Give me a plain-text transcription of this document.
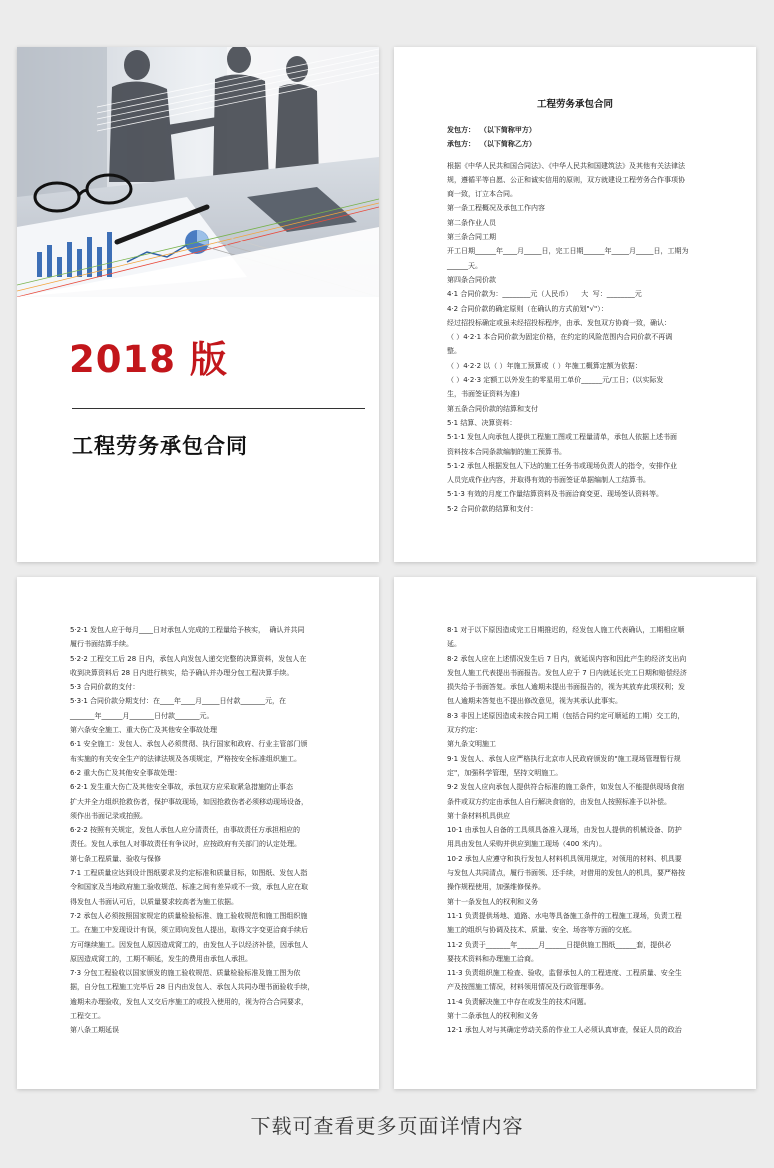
2018 版
工程劳务承包合同
工程劳务承包合同

发包方：  （以下简称甲方）

承包方：  （以下简称乙方）

根据《中华人民共和国合同法》、《中华人民共和国建筑法》及其他有关法律法

规，遵循平等自愿、公正和诚实信用的原则，双方就建设工程劳务合作事项协

商一致，订立本合同。

第一条工程概况及承包工作内容

第二条作业人员

第三条合同工期

开工日期______年____月_____日，完工日期______年_____月_____日，工期为

______天。

第四条合同价款

4·1 合同价款为：________元（人民币）    大  写：________元

4·2 合同价款的确定原则（在确认的方式前划"√"）：

经过招投标确定或虽未经招投标程序，由承、发包双方协商一致，确认：

（ ）4·2·1 本合同价款为固定价格，在约定的风险范围内合同价款不再调

整。

（ ）4·2·2 以（ ）年施工预算或（ ）年施工概算定额为依据：

（ ）4·2·3 定额工以外发生的零星用工单价______元/工日；(以实际发

生，书面签证资料为准)

第五条合同价款的结算和支付

5·1 结算、决算资料：

5·1·1 发包人向承包人提供工程施工图或工程量清单，承包人依据上述书面

资料按本合同条款编制的施工预算书。

5·1·2 承包人根据发包人下达的施工任务书或现场负责人的指令，安排作业

人员完成作业内容，并取得有效的书面签证单据编制人工结算书。

5·1·3 有效的月度工作量结算资料及书面洽商变更、现场签认资料等。

5·2 合同价款的结算和支付：

5·2·1 发包人应于每月____日对承包人完成的工程量给予核实，  确认并共同

履行书面结算手续。

5·2·2 工程交工后 28 日内，承包人向发包人递交完整的决算资料，发包人在

收到决算资料后 28 日内进行核实，给予确认并办理分包工程决算手续。

5·3 合同价款的支付：

5·3·1 合同价款分期支付：在____年____月_____日付款_______元，在

_______年______月_______日付款_______元。

第六条安全施工、重大伤亡及其他安全事故处理

6·1 安全施工：发包人、承包人必须贯彻、执行国家和政府、行业主管部门颁

布实施的有关安全生产的法律法规及各项规定，严格按安全标准组织施工。

6·2 重大伤亡及其他安全事故处理：

6·2·1 发生重大伤亡及其他安全事故，承包双方应采取紧急措施防止事态

扩大并全力组织抢救伤者，保护事故现场，如因抢救伤者必须移动现场设备，

须作出书面记录或拍照。

6·2·2 按照有关规定，发包人承包人应分清责任，由事故责任方承担相应的

责任。发包人承包人对事故责任有争议时，应按政府有关部门的认定处理。

第七条工程质量、验收与保修

7·1 工程质量应达到设计图纸要求及约定标准和质量目标，如图纸、发包人指

令和国家及当地政府施工验收规范、标准之间有差异或不一致，承包人应在取

得发包人书面认可后，以质量要求较高者为施工依据。

7·2 承包人必须按照国家规定的质量检验标准、施工验收规范和施工图组织施

工。在施工中发现设计有误，须立即向发包人提出，取得文字变更洽商手续后

方可继续施工。因发包人原因造成窝工的，由发包人予以经济补偿，因承包人

原因造成窝工的，工期不顺延，发生的费用由承包人承担。

7·3 分包工程验收以国家颁发的施工验收规范、质量检验标准及施工图为依

据，自分包工程施工完毕后 28 日内由发包人、承包人共同办理书面验收手续，

逾期未办理验收，发包人又交后序施工的或投入使用的，视为符合合同要求，

工程交工。

第八条工期延误

8·1 对于以下原因造成完工日期推迟的，经发包人施工代表确认，工期相应顺

延。

8·2 承包人应在上述情况发生后 7 日内，就延误内容和因此产生的经济支出向

发包人施工代表提出书面报告。发包人应于 7 日内就延长完工日期和赔偿经济

损失给予书面答复。承包人逾期未提出书面报告的，视为其放弃此项权利；发

包人逾期未答复也不提出修改意见，视为其承认此事实。

8·3 非因上述原因造成未按合同工期（包括合同约定可顺延的工期）交工的，

双方约定：

第九条文明施工

9·1 发包人、承包人应严格执行北京市人民政府颁发的"施工现场管理暂行规

定"，加强科学管理，坚持文明施工。

9·2 发包人应向承包人提供符合标准的施工条件，如发包人不能提供现场食宿

条件或双方约定由承包人自行解决食宿的，由发包人按照标准予以补偿。

第十条材料机具供应

10·1 由承包人自备的工具须具备准入现场，由发包人提供的机械设备、防护

用具由发包人采购并供应到施工现场（400 米内）。

10·2 承包人应遵守和执行发包人材料机具领用规定，对领用的材料、机具要

与发包人共同清点，履行书面领、还手续，对借用的发包人的机具，要严格按

操作规程使用，加强维修保养。

第十一条发包人的权利和义务

11·1 负责提供场地、道路、水电等具备施工条件的工程施工现场，负责工程

施工的组织与协调及技术、质量、安全、场容等方面的交底。

11·2 负责于_______年______月______日提供施工图纸______套，提供必

要技术资料和办理施工洽商。

11·3 负责组织施工检查、验收，监督承包人的工程进度、工程质量、安全生

产及按图施工情况，材料领用情况及行政管理事务。

11·4 负责解决施工中存在或发生的技术问题。

第十二条承包人的权利和义务

12·1 承包人对与其确定劳动关系的作业工人必须认真审查，保证人员的政治

下载可查看更多页面详情内容
